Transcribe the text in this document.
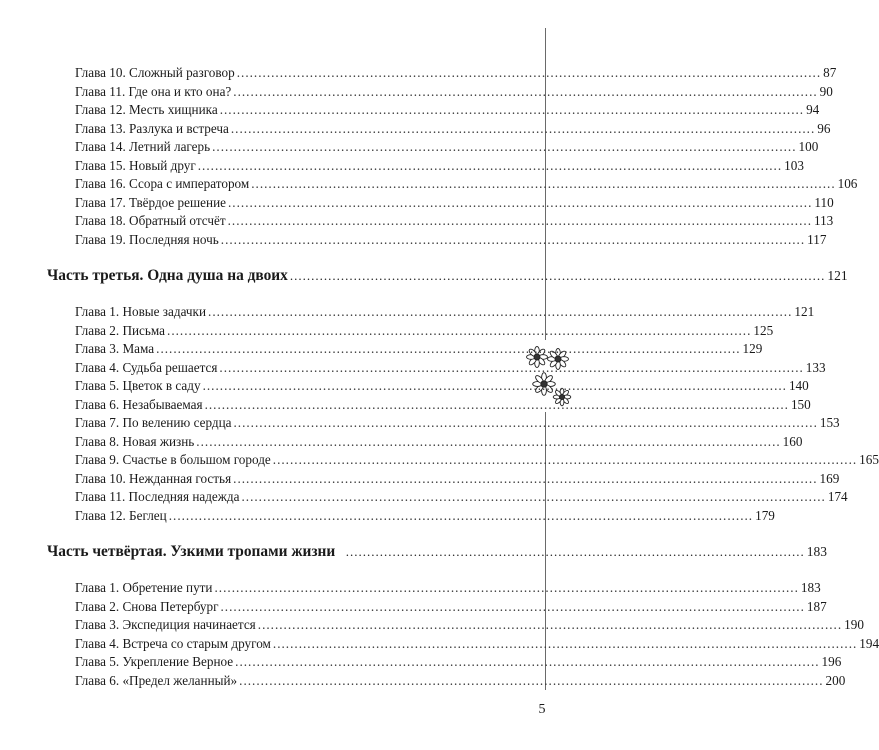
Глава 10. Сложный разговор ........................................................................................................................................ 87
Глава 11. Где она и кто она? ........................................................................................................................................ 90
Глава 12. Месть хищника ........................................................................................................................................ 94
Глава 13. Разлука и встреча ........................................................................................................................................ 96
Глава 14. Летний лагерь ........................................................................................................................................ 100
Глава 15. Новый друг ........................................................................................................................................ 103
Глава 16. Ссора с императором ........................................................................................................................................ 106
Глава 17. Твёрдое решение ........................................................................................................................................ 110
Глава 18. Обратный отсчёт ........................................................................................................................................ 113
Глава 19. Последняя ночь ........................................................................................................................................ 117
Часть третья. Одна душа на двоих .............................................................................................................................. 121
Глава 1. Новые задачки ........................................................................................................................................ 121
Глава 2. Письма ........................................................................................................................................ 125
Глава 3. Мама ........................................................................................................................................ 129
Глава 4. Судьба решается ........................................................................................................................................ 133
Глава 5. Цветок в саду ........................................................................................................................................ 140
Глава 6. Незабываемая ........................................................................................................................................ 150
Глава 7. По велению сердца ........................................................................................................................................ 153
Глава 8. Новая жизнь ........................................................................................................................................ 160
Глава 9. Счастье в большом городе ........................................................................................................................................ 165
Глава 10. Нежданная гостья ........................................................................................................................................ 169
Глава 11. Последняя надежда ........................................................................................................................................ 174
Глава 12. Беглец ........................................................................................................................................ 179
Часть четвёртая. Узкими тропами жизни ............................................................................................................ 183
Глава 1. Обретение пути ........................................................................................................................................ 183
Глава 2. Снова Петербург ........................................................................................................................................ 187
Глава 3. Экспедиция начинается ........................................................................................................................................ 190
Глава 4. Встреча со старым другом ........................................................................................................................................ 194
Глава 5. Укрепление Верное ........................................................................................................................................ 196
Глава 6. «Предел желанный» ........................................................................................................................................ 200
5
